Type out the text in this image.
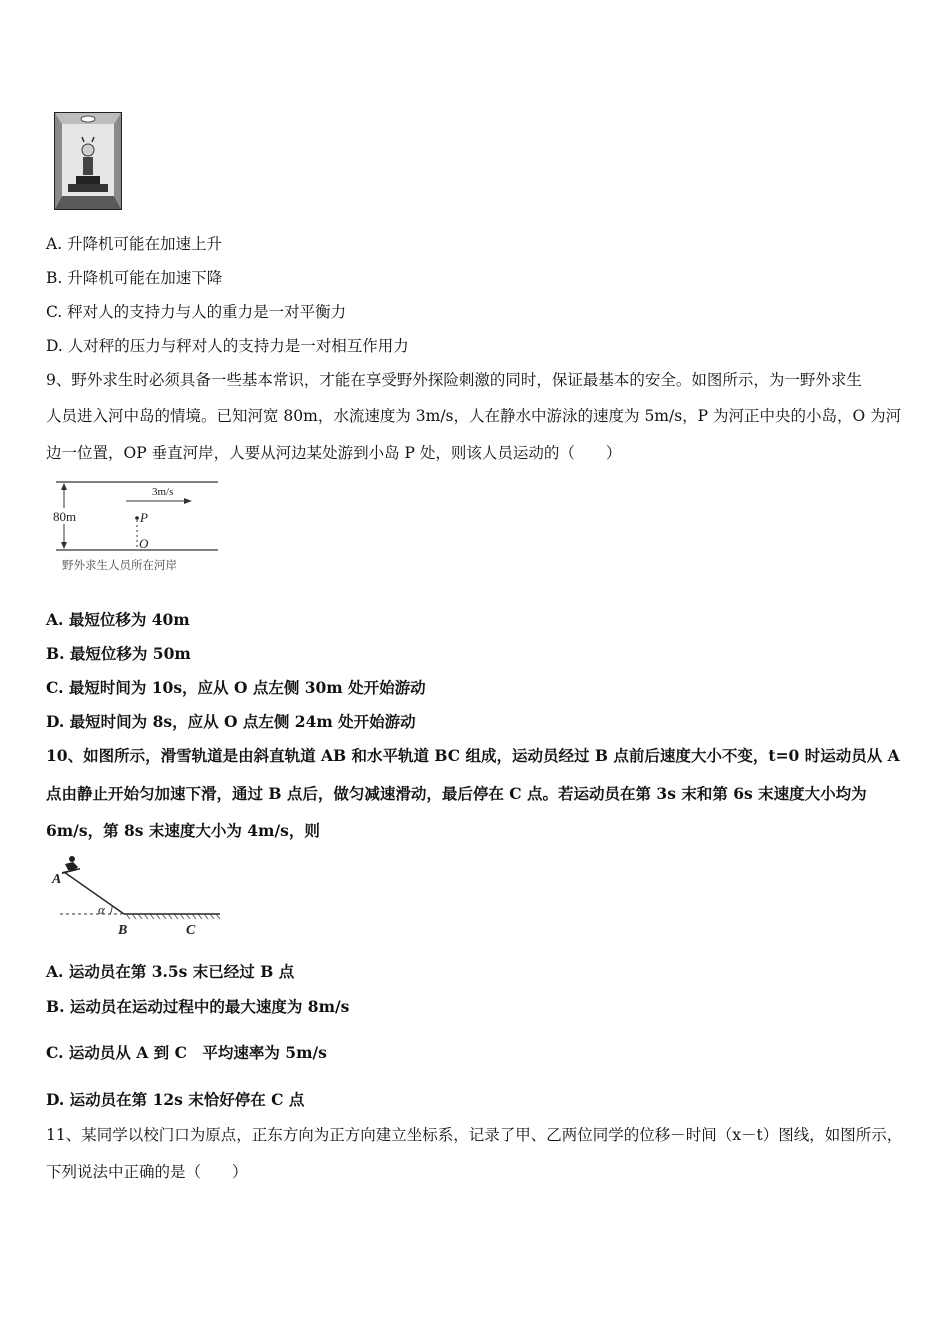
A. 升降机可能在加速上升
B. 升降机可能在加速下降
C. 秤对人的支持力与人的重力是一对平衡力
D. 人对秤的压力与秤对人的支持力是一对相互作用力
9、野外求生时必须具备一些基本常识，才能在享受野外探险刺激的同时，保证最基本的安全。如图所示，为一野外求生
人员进入河中岛的情境。已知河宽 80m，水流速度为 3m/s，人在静水中游泳的速度为 5m/s，P 为河正中央的小岛，O 为河
边一位置，OP 垂直河岸，人要从河边某处游到小岛 P 处，则该人员运动的（　　）
80m
3m/s
P
O
野外求生人员所在河岸
A. 最短位移为 40m
B. 最短位移为 50m
C. 最短时间为 10s，应从 O 点左侧 30m 处开始游动
D. 最短时间为 8s，应从 O 点左侧 24m 处开始游动
10、如图所示，滑雪轨道是由斜直轨道 AB 和水平轨道 BC 组成，运动员经过 B 点前后速度大小不变，t=0 时运动员从 A
点由静止开始匀加速下滑，通过 B 点后，做匀减速滑动，最后停在 C 点。若运动员在第 3s 末和第 6s 末速度大小均为
6m/s，第 8s 末速度大小为 4m/s，则
A
α
B	C
A. 运动员在第 3.5s 末已经过 B 点
B. 运动员在运动过程中的最大速度为 8m/s
C. 运动员从 A 到 C　平均速率为 5m/s
D. 运动员在第 12s 末恰好停在 C 点
11、某同学以校门口为原点，正东方向为正方向建立坐标系，记录了甲、乙两位同学的位移－时间（x－t）图线，如图所示，
下列说法中正确的是（　　）
